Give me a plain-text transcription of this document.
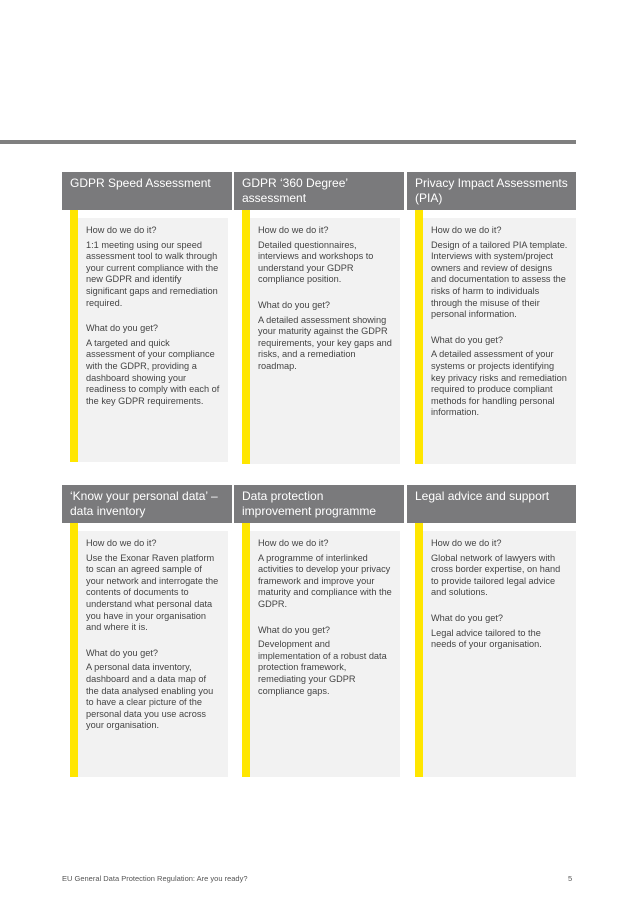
GDPR Speed Assessment

How do we do it?

1:1 meeting using our speed assessment tool to walk through your current compliance with the new GDPR and identify significant gaps and remediation required.

What do you get?

A targeted and quick assessment of your compliance with the GDPR, providing a dashboard showing your readiness to comply with each of the key GDPR requirements.

GDPR ‘360 Degree’ assessment

How do we do it?

Detailed questionnaires, interviews and workshops to understand your GDPR compliance position.

What do you get?

A detailed assessment showing your maturity against the GDPR requirements, your key gaps and risks, and a remediation roadmap.

Privacy Impact Assessments (PIA)

How do we do it?

Design of a tailored PIA template. Interviews with system/project owners and review of designs and documentation to assess the risks of harm to individuals through the misuse of their personal information.

What do you get?

A detailed assessment of your systems or projects identifying key privacy risks and remediation required to produce compliant methods for handling personal information.

‘Know your personal data’ – data inventory

How do we do it?

Use the Exonar Raven platform to scan an agreed sample of your network and interrogate the contents of documents to understand what personal data you have in your organisation and where it is.

What do you get?

A personal data inventory, dashboard and a data map of the data analysed enabling you to have a clear picture of the personal data you use across your organisation.

Data protection improvement programme

How do we do it?

A programme of interlinked activities to develop your privacy framework and improve your maturity and compliance with the GDPR.

What do you get?

Development and implementation of a robust data protection framework, remediating your GDPR compliance gaps.

Legal advice and support

How do we do it?

Global network of lawyers with cross border expertise, on hand to provide tailored legal advice and solutions.

What do you get?

Legal advice tailored to the needs of your organisation.

EU General Data Protection Regulation: Are you ready?	5
